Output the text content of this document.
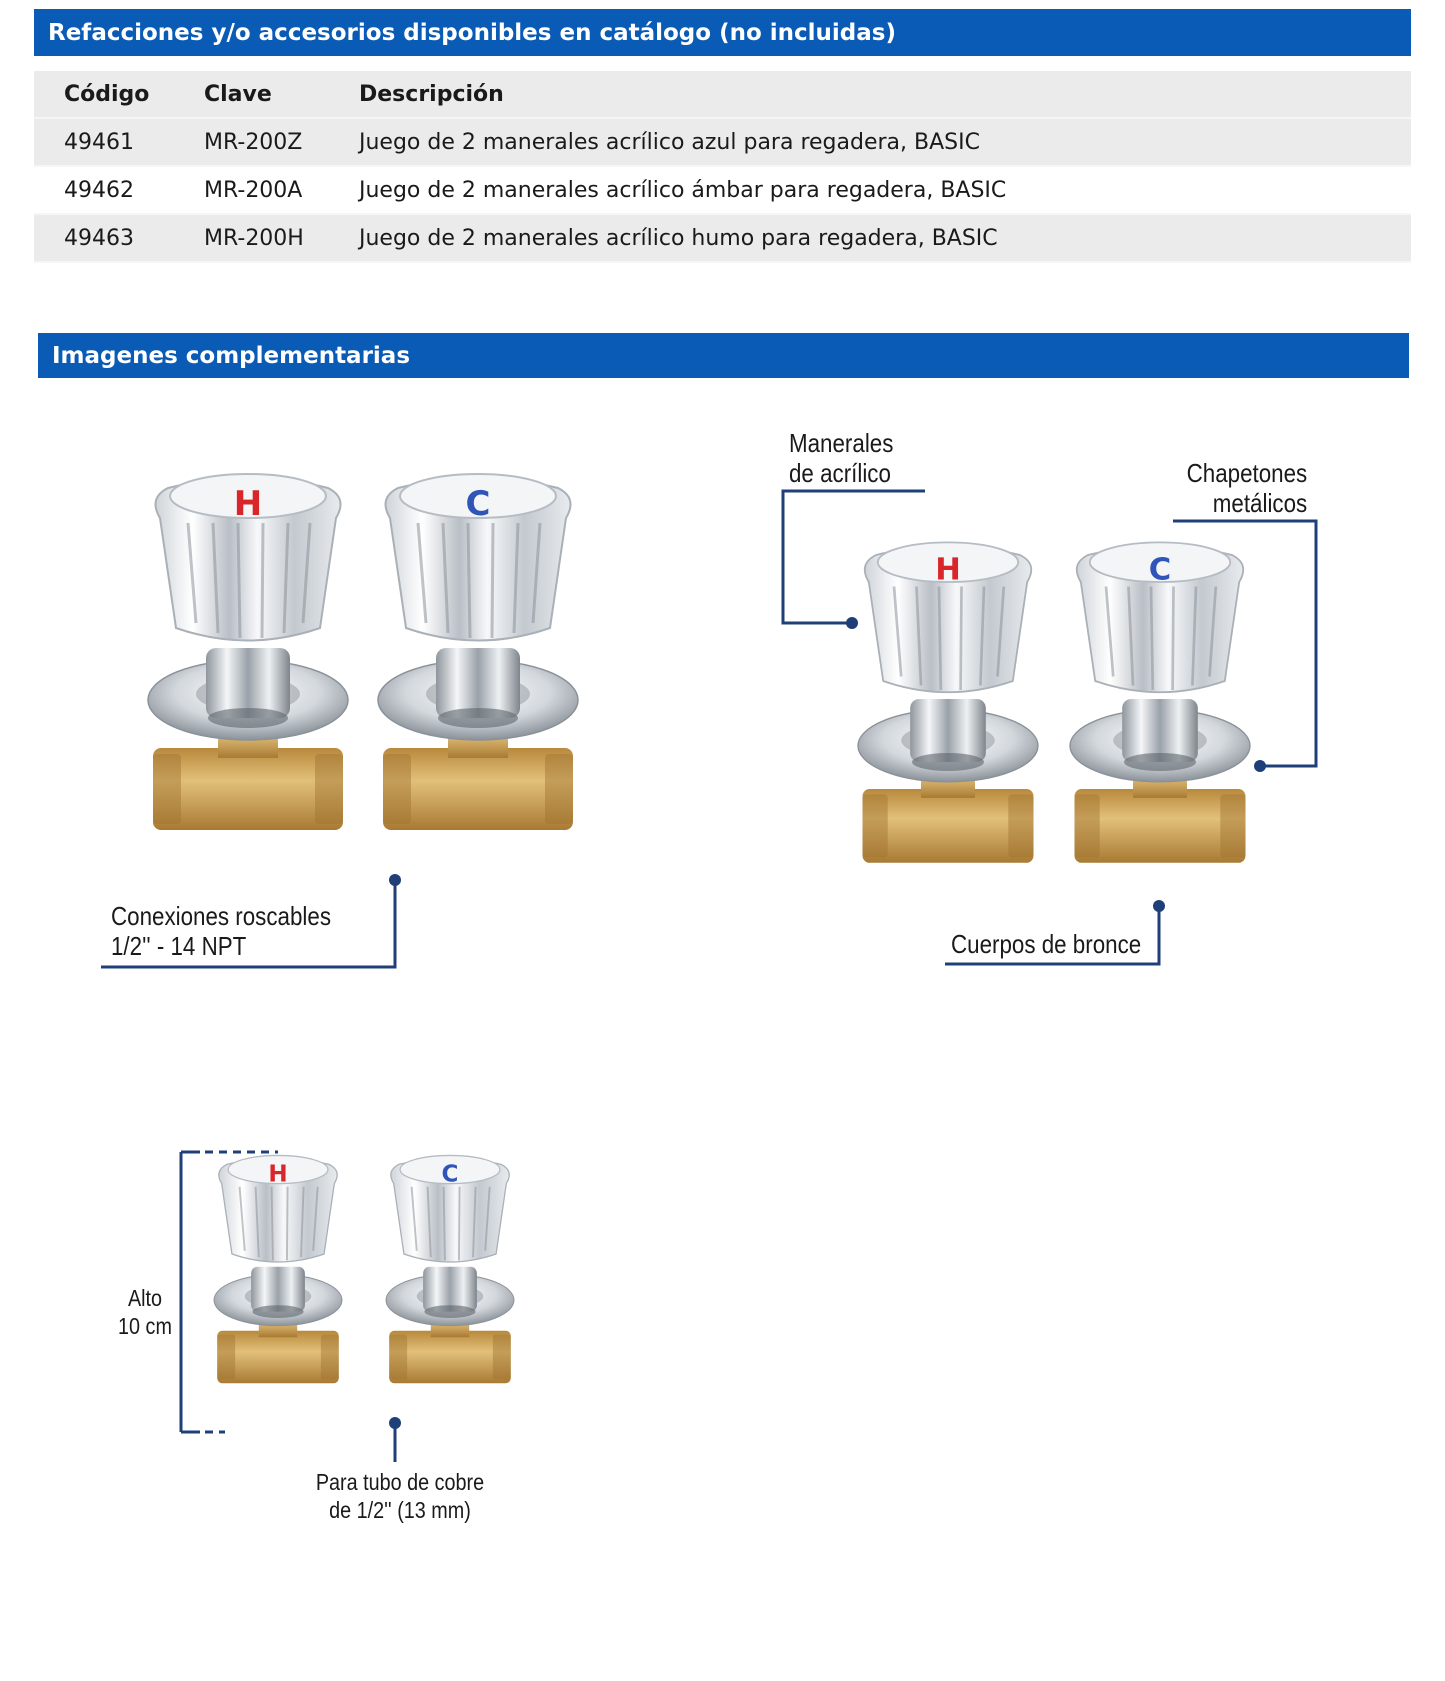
Refacciones y/o accesorios disponibles en catálogo (no incluidas)
Código	Clave	Descripción
49461	MR-200Z	Juego de 2 manerales acrílico azul para regadera, BASIC
49462	MR-200A	Juego de 2 manerales acrílico ámbar para regadera, BASIC
49463	MR-200H	Juego de 2 manerales acrílico humo para regadera, BASIC
Imagenes complementarias
H	C
H	C
H	C
Conexiones roscables
1/2'' - 14 NPT
Manerales
de acrílico	Chapetones
metálicos
Cuerpos de bronce
Alto
10 cm
Para tubo de cobre
de 1/2'' (13 mm)
